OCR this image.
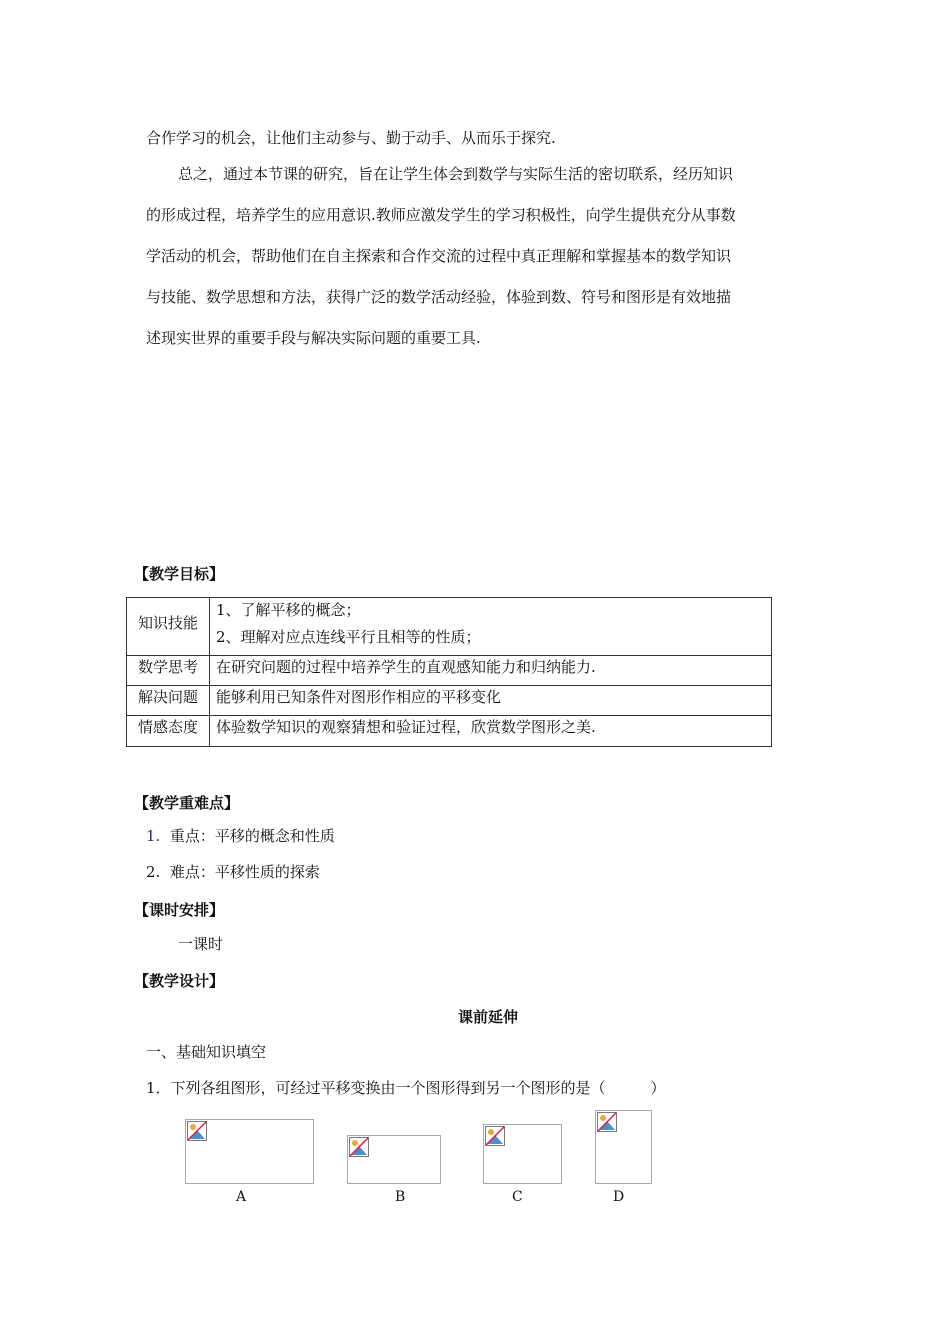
合作学习的机会，让他们主动参与、勤于动手、从而乐于探究.
总之，通过本节课的研究，旨在让学生体会到数学与实际生活的密切联系，经历知识
的形成过程，培养学生的应用意识.教师应激发学生的学习积极性，向学生提供充分从事数
学活动的机会，帮助他们在自主探索和合作交流的过程中真正理解和掌握基本的数学知识
与技能、数学思想和方法，获得广泛的数学活动经验，体验到数、符号和图形是有效地描
述现实世界的重要手段与解决实际问题的重要工具.
【教学目标】
知识技能	1、了解平移的概念；
2、理解对应点连线平行且相等的性质；

数学思考	在研究问题的过程中培养学生的直观感知能力和归纳能力.
解决问题	能够利用已知条件对图形作相应的平移变化
情感态度	体验数学知识的观察猜想和验证过程，欣赏数学图形之美.
【教学重难点】
1. 重点：平移的概念和性质
2. 难点：平移性质的探索
【课时安排】
一课时
【教学设计】
课前延伸
一、基础知识填空
1．下列各组图形，可经过平移变换由一个图形得到另一个图形的是（　　　）
A	B	C	D
